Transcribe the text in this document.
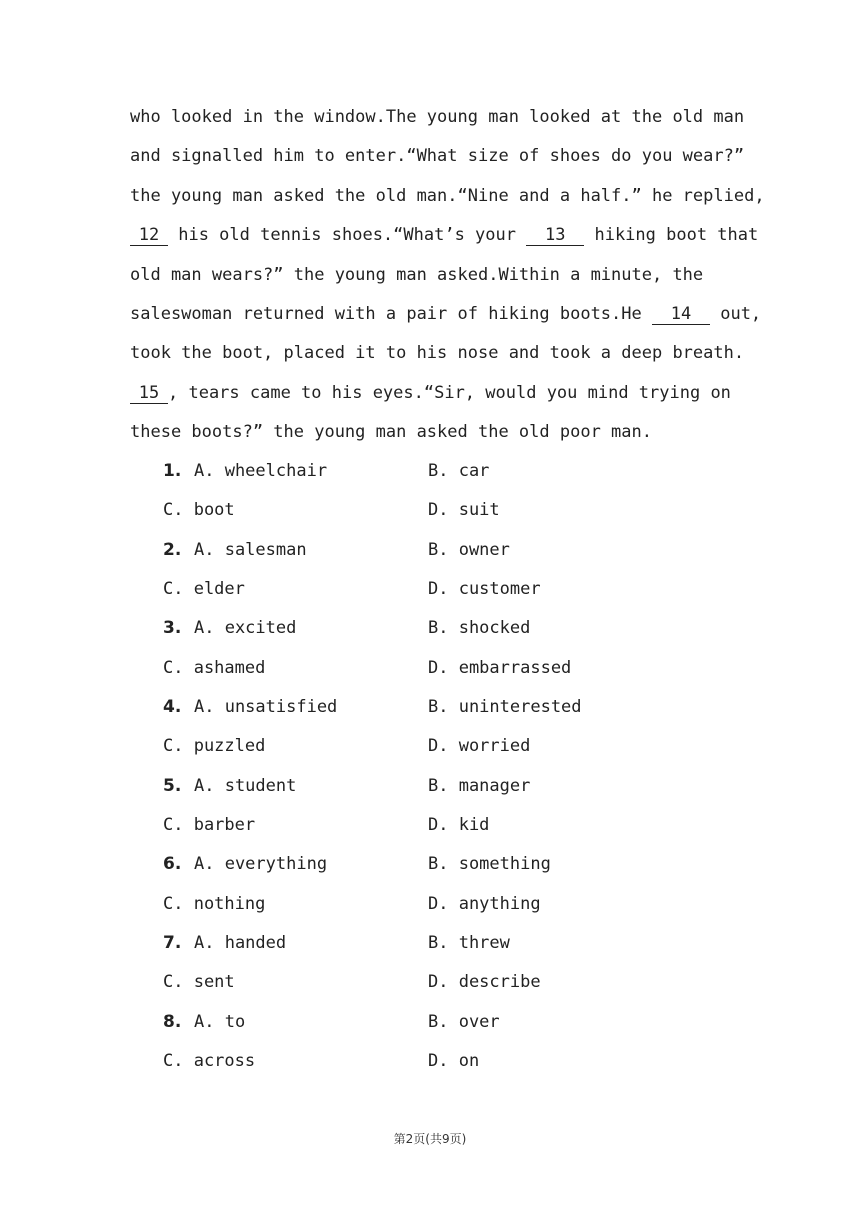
who looked in the window.The young man looked at the old man
and signalled him to enter.“What size of shoes do you wear?”
the young man asked the old man.“Nine and a half.” he replied,
12 his old tennis shoes.“What’s your 13 hiking boot that
old man wears?” the young man asked.Within a minute, the
saleswoman returned with a pair of hiking boots.He 14 out,
took the boot, placed it to his nose and took a deep breath.
15 , tears came to his eyes.“Sir, would you mind trying on
these boots?” the young man asked the old poor man.
1. A. wheelchair	B. car
C. boot	D. suit
2. A. salesman	B. owner
C. elder	D. customer
3. A. excited	B. shocked
C. ashamed	D. embarrassed
4. A. unsatisfied	B. uninterested
C. puzzled	D. worried
5. A. student	B. manager
C. barber	D. kid
6. A. everything	B. something
C. nothing	D. anything
7. A. handed	B. threw
C. sent	D. describe
8. A. to	B. over
C. across	D. on
第2页(共9页)
